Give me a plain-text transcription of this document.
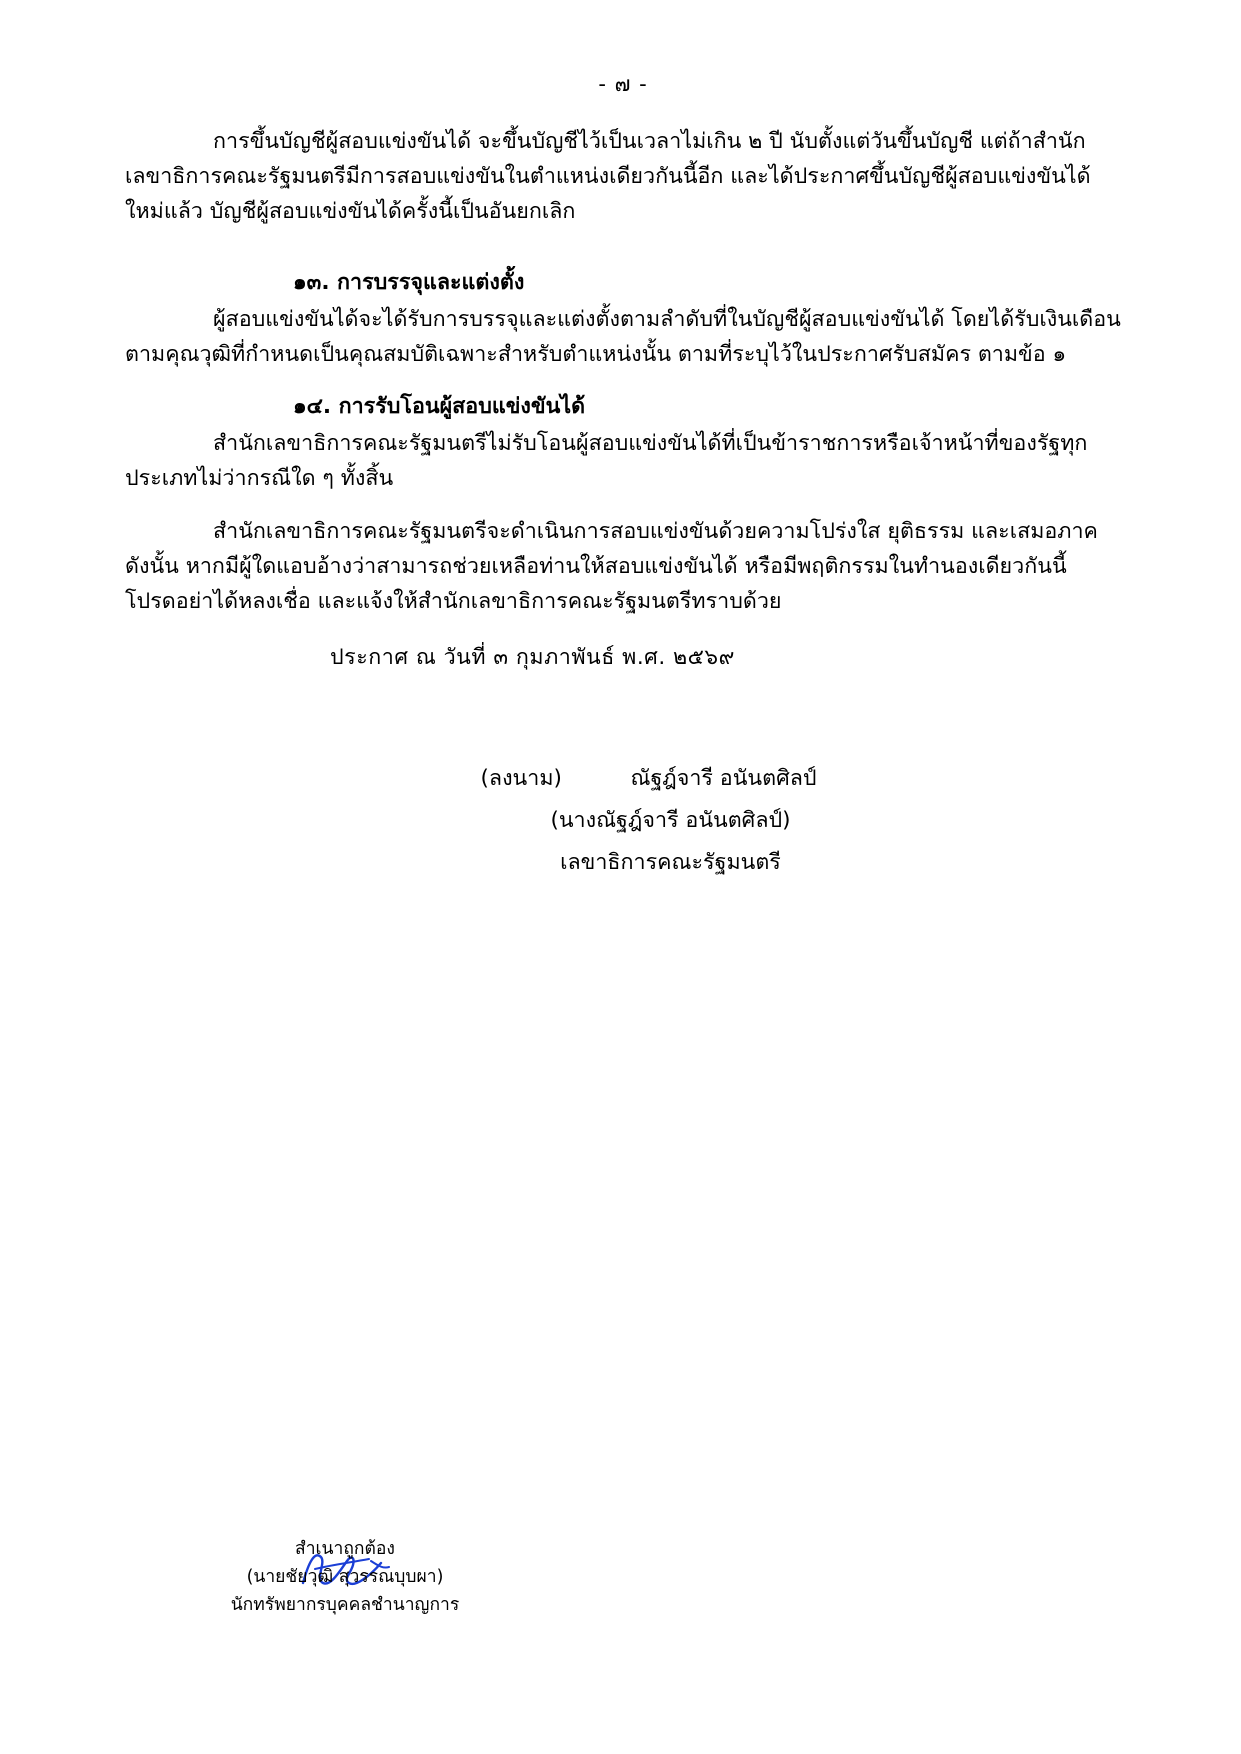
- ๗ -

การขึ้นบัญชีผู้สอบแข่งขันได้ จะขึ้นบัญชีไว้เป็นเวลาไม่เกิน ๒ ปี นับตั้งแต่วันขึ้นบัญชี แต่ถ้าสำนักเลขาธิการคณะรัฐมนตรีมีการสอบแข่งขันในตำแหน่งเดียวกันนี้อีก และได้ประกาศขึ้นบัญชีผู้สอบแข่งขันได้ใหม่แล้ว บัญชีผู้สอบแข่งขันได้ครั้งนี้เป็นอันยกเลิก

๑๓. การบรรจุและแต่งตั้ง

ผู้สอบแข่งขันได้จะได้รับการบรรจุและแต่งตั้งตามลำดับที่ในบัญชีผู้สอบแข่งขันได้ โดยได้รับเงินเดือนตามคุณวุฒิที่กำหนดเป็นคุณสมบัติเฉพาะสำหรับตำแหน่งนั้น ตามที่ระบุไว้ในประกาศรับสมัคร ตามข้อ ๑

๑๔. การรับโอนผู้สอบแข่งขันได้

สำนักเลขาธิการคณะรัฐมนตรีไม่รับโอนผู้สอบแข่งขันได้ที่เป็นข้าราชการหรือเจ้าหน้าที่ของรัฐทุกประเภทไม่ว่ากรณีใด ๆ ทั้งสิ้น

สำนักเลขาธิการคณะรัฐมนตรีจะดำเนินการสอบแข่งขันด้วยความโปร่งใส ยุติธรรม และเสมอภาค ดังนั้น หากมีผู้ใดแอบอ้างว่าสามารถช่วยเหลือท่านให้สอบแข่งขันได้ หรือมีพฤติกรรมในทำนองเดียวกันนี้ โปรดอย่าได้หลงเชื่อ และแจ้งให้สำนักเลขาธิการคณะรัฐมนตรีทราบด้วย

ประกาศ ณ วันที่ ๓ กุมภาพันธ์ พ.ศ. ๒๕๖๙
(ลงนาม)	ณัฐฎ์จารี อนันตศิลป์
(นางณัฐฎ์จารี อนันตศิลป์)
เลขาธิการคณะรัฐมนตรี
สำเนาถูกต้อง
(นายชัยวุฒิ สุวรรณบุบผา)
นักทรัพยากรบุคคลชำนาญการ
